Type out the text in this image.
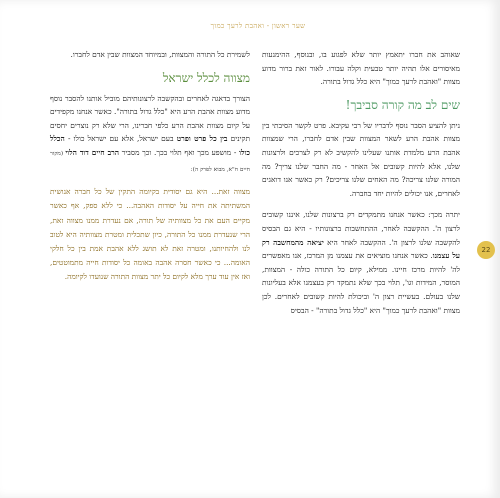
שער ראשון - ואהבת לרעך כמוך

שאוהב את חברו יתאמץ יותר שלא לפגוע בו, ובנוסף, ההימנעות מאיסורים אלו תהיה יותר טבעית וקלה עבורו. לאור זאת ברור מדוע מצוות "ואהבת לרעך כמוך" היא כלל גדול בתורה.

שים לב מה קורה סביבך!

ניתן להציע הסבר נוסף לדבריו של רבי עקיבא. פרט לקשר הסיבתי בין מצוות אהבת הרע לשאר המצוות שבין אדם לחברו, הרי שמצוות אהבת הרע מלמדת אותנו שעלינו להקשיב לא רק לצרכים ולרצונות שלנו, אלא להיות קשובים אל האחר - מה החבר שלנו צריך? מה המורה שלנו צריכה? מה האחים שלנו צריכים? רק כאשר אנו דואגים לאחרים, אנו יכולים להיות יחד בחברה.

יתרה מכך: כאשר אנחנו מתמקדים רק ברצונות שלנו, איננו קשובים לרצון ה'. ההקשבה לאחר, ההתחשבות ברצונותיו - היא גם הבסיס להקשבה שלנו לרצון ה'. ההקשבה לאחר היא יציאה מהמחשבה רק על עצמנו. כאשר אנחנו מוציאים את עצמנו מן המרכז, אנו מאפשרים לה' להיות מרכז חיינו. ממילא, קיום כל התורה כולה - המצוות, המוסר, המידות וגו', תלוי בכך שלא נתמקד רק בעצמנו אלא בעליונות שלנו בעולם. בעשיית רצון ה' וביכולת להיות קשובים לאחרים. לכן מצוות "ואהבת לרעך כמוך" היא "כלל גדול בתורה" - הבסיס

לשמירת כל התורה והמצוות, ובמיוחד המצוות שבין אדם לחברו.

מצווה לכלל ישראל

הצורך בדאגה לאחרים ובהקשבה לרצונותיהם מוביל אותנו להסבר נוסף מדוע מצוות אהבת הרע היא "כלל גדול בתורה". כאשר אנחנו מקפידים על קיום מצוות אהבת הרע כלפי חברינו, הרי שלא רק נוצרים יחסים תקינים בין כל פרט ופרט בעם ישראל, אלא עם ישראל כולו - הכלל כולו - מושפע מכך ואף תלוי בכך. וכך מסביר הרב חיים דוד הלוי (מקור חיים ח"א, מבוא לפרק ה):

מצווה זאת... היא גם יסודית בקיומה התקין של כל חברה אנושית המשתיתה את חייה על יסודות האהבה... כי ללא ספק, אף כאשר מקיים העם את כל מצוותיה של תורה, אם נעדרת ממנו מצווה זאת, הרי שנעדרת ממנו כל התורה, כיון שתכלית ומטרת מצוותיה היא לטוב לנו ולהחיותנו, ומטרה זאת לא תושג ללא אהבת אמת בין כל חלקי האומה... כי כאשר חסרה אהבה באומה כל יסודות חייה מתמוטטים, ואז אין עוד ערך מלא לקיום כל יתר מצוות התורה שנועדו לקיומה.

22
